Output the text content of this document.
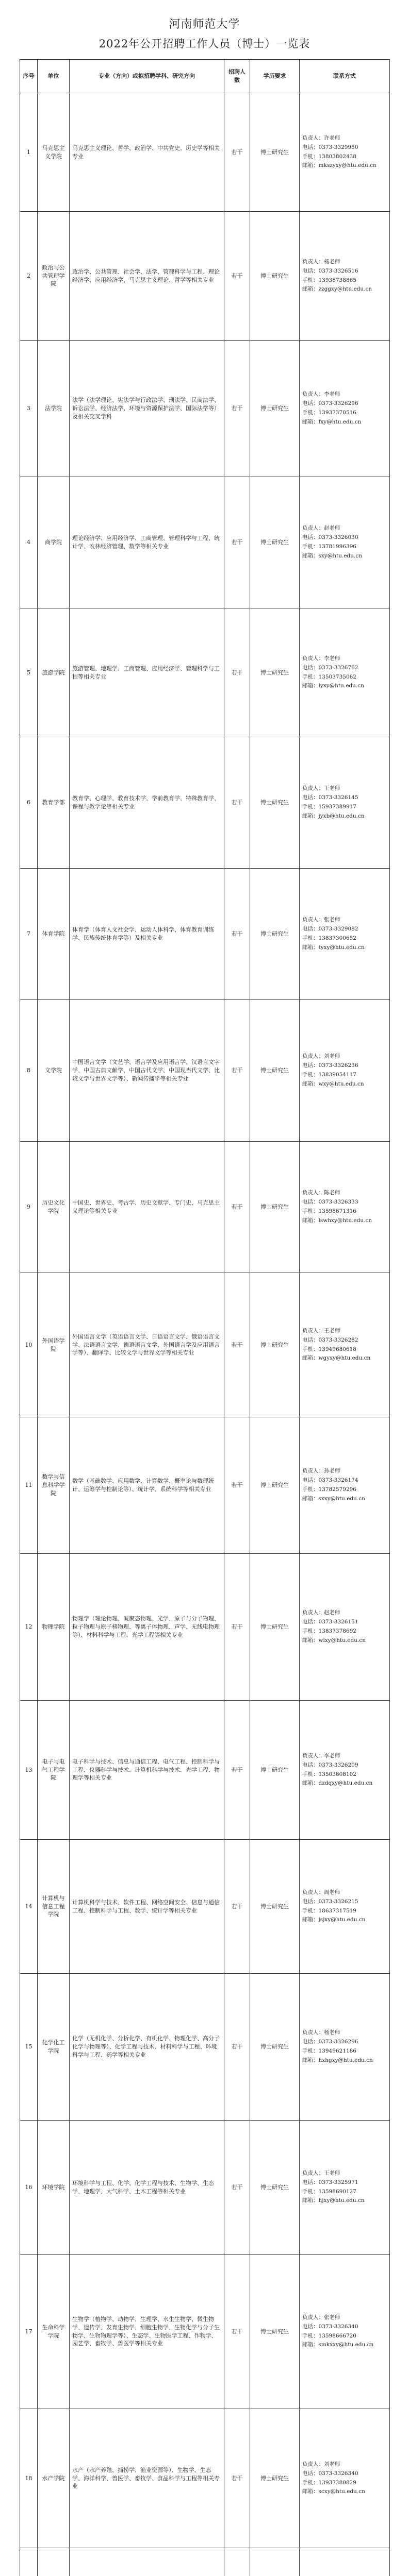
河南师范大学
2022年公开招聘工作人员（博士）一览表
序号	单位	专业（方向）或拟招聘学科、研究方向	招聘人数	学历要求	联系方式
1	马克思主义学院	马克思主义理论、哲学、政治学、中共党史、历史学等相关专业	若干	博士研究生	负责人：许老师
电话：0373-3329950
手机：13803802438
邮箱：mkszyxy@htu.edu.cn

2	政治与公共管理学院	政治学、公共管理、社会学、法学、管理科学与工程、理论经济学、应用经济学、马克思主义理论、哲学等相关专业	若干	博士研究生	负责人：杨老师
电话：0373-3326516
手机：13938738865
邮箱：zzggxy@htu.edu.cn

3	法学院	法学（法学理论、宪法学与行政法学、刑法学、民商法学、诉讼法学、经济法学、环境与资源保护法学、国际法学等）及相关交叉学科	若干	博士研究生	负责人：李老师
电话：0373-3326296
手机：13937370516
邮箱：fxy@htu.edu.cn

4	商学院	理论经济学、应用经济学、工商管理、管理科学与工程、统计学、农林经济管理、数学等相关专业	若干	博士研究生	负责人：赵老师
电话：0373-3326030
手机：13781996396
邮箱：sxy@htu.edu.cn

5	旅游学院	旅游管理、地理学、工商管理、应用经济学、管理科学与工程等相关专业	若干	博士研究生	负责人：李老师
电话：0373-3326762
手机：13503735062
邮箱：lyxy@htu.edu.cn

6	教育学部	教育学、心理学、教育技术学、学前教育学、特殊教育学、课程与教学论等相关专业	若干	博士研究生	负责人：王老师
电话：0373-3326145
手机：15937389917
邮箱：jyxb@htu.edu.cn

7	体育学院	体育学（体育人文社会学、运动人体科学、体育教育训练学、民族传统体育学等）及相关专业	若干	博士研究生	负责人：张老师
电话：0373-3329082
手机：13837300652
邮箱：tyxy@htu.edu.cn

8	文学院	中国语言文学（文艺学、语言学及应用语言学、汉语言文字学、中国古典文献学、中国古代文学、中国现当代文学、比较文学与世界文学等）、新闻传播学等相关专业	若干	博士研究生	负责人：刘老师
电话：0373-3326236
手机：13839054117
邮箱：wxy@htu.edu.cn

9	历史文化学院	中国史、世界史、考古学、历史文献学、专门史、马克思主义理论等相关专业	若干	博士研究生	负责人：陈老师
电话：0373-3326333
手机：13598671316
邮箱：lswhxy@htu.edu.cn

10	外国语学院	外国语言文学（英语语言文学、日语语言文学、俄语语言文学、法语语言文学、德语语言文学、外国语言学及应用语言学等）、翻译学、比较文学与世界文学等相关专业	若干	博士研究生	负责人：王老师
电话：0373-3326282
手机：13949680618
邮箱：wgyxy@htu.edu.cn

11	数学与信息科学学院	数学（基础数学、应用数学、计算数学、概率论与数理统计、运筹学与控制论等）、统计学、系统科学等相关专业	若干	博士研究生	负责人：孙老师
电话：0373-3326174
手机：13782579296
邮箱：sxxy@htu.edu.cn

12	物理学院	物理学（理论物理、凝聚态物理、光学、原子与分子物理、粒子物理与原子核物理、等离子体物理、声学、无线电物理等）、材料科学与工程、光学工程等相关专业	若干	博士研究生	负责人：赵老师
电话：0373-3326151
手机：13837378692
邮箱：wlxy@htu.edu.cn

13	电子与电气工程学院	电子科学与技术、信息与通信工程、电气工程、控制科学与工程、仪器科学与技术、计算机科学与技术、光学工程、物理学等相关专业	若干	博士研究生	负责人：李老师
电话：0373-3326209
手机：13503808102
邮箱：dzdqxy@htu.edu.cn

14	计算机与信息工程学院	计算机科学与技术、软件工程、网络空间安全、信息与通信工程、控制科学与工程、数学、统计学等相关专业	若干	博士研究生	负责人：周老师
电话：0373-3326215
手机：18637317519
邮箱：jsjxy@htu.edu.cn

15	化学化工学院	化学（无机化学、分析化学、有机化学、物理化学、高分子化学与物理等）、化学工程与技术、材料科学与工程、环境科学与工程、药学等相关专业	若干	博士研究生	负责人：杨老师
电话：0373-3326296
手机：13949621186
邮箱：hxhgxy@htu.edu.cn

16	环境学院	环境科学与工程、化学、化学工程与技术、生物学、生态学、地理学、大气科学、土木工程等相关专业	若干	博士研究生	负责人：王老师
电话：0373-3325971
手机：13598690127
邮箱：hjxy@htu.edu.cn

17	生命科学学院	生物学（植物学、动物学、生理学、水生生物学、微生物学、遗传学、发育生物学、细胞生物学、生物化学与分子生物学、生物物理学等）、生态学、生物医学工程、作物学、园艺学、畜牧学、兽医学等相关专业	若干	博士研究生	负责人：张老师
电话：0373-3326340
手机：13598666720
邮箱：smkxxy@htu.edu.cn

18	水产学院	水产（水产养殖、捕捞学、渔业资源等）、生物学、生态学、海洋科学、兽医学、畜牧学、食品科学与工程等相关专业	若干	博士研究生	负责人：刘老师
电话：0373-3326340
手机：13937380829
邮箱：scxy@htu.edu.cn
